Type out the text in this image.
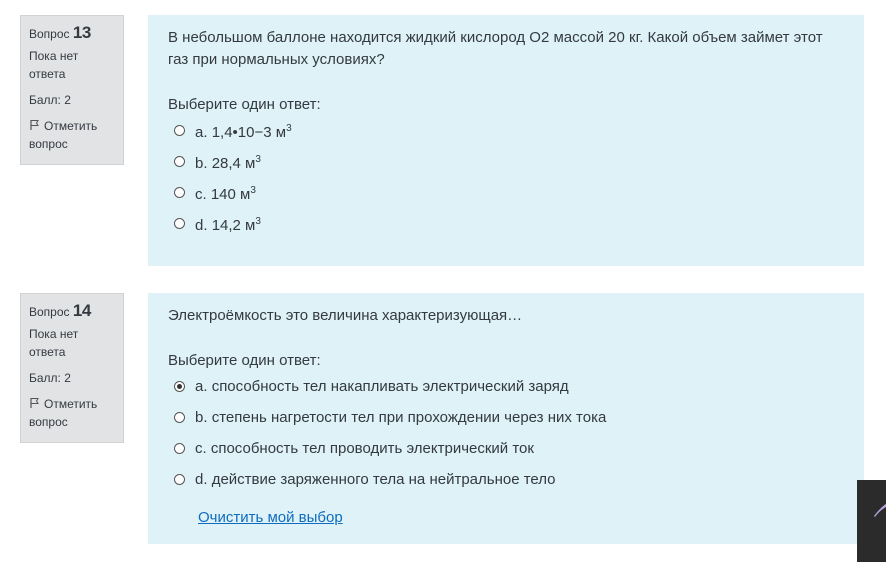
Вопрос 13
Пока нет ответа
Балл: 2
Отметить вопрос

В небольшом баллоне находится жидкий кислород О2 массой 20 кг. Какой объем займет этот газ при нормальных условиях?

Выберите один ответ:
a. 1,4•10−3 $м^3$
b. 28,4 $м^3$
c. 140 $м^3$
d. 14,2 $м^3$
Вопрос 14
Пока нет ответа
Балл: 2
Отметить вопрос

Электроёмкость это величина характеризующая…

Выберите один ответ:
a. способность тел накапливать электрический заряд
b. степень нагретости тел при прохождении через них тока
c. способность тел проводить электрический ток
d. действие заряженного тела на нейтральное тело
Очистить мой выбор
